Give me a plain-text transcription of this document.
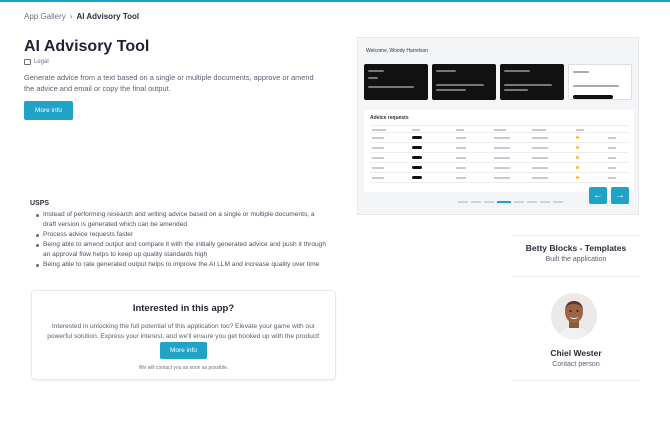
App Gallery › AI Advisory Tool
AI Advisory Tool
Legal
Generate advice from a text based on a single or multiple documents, approve or amend the advice and email or copy the final output.
More info
Welcome, Woody Harrelson
Advice requests
←	→
USPS
Instead of performing research and writing advice based on a single or multiple documents, a draft version is generated which can be amended
Process advice requests faster
Being able to amend output and compare it with the initially generated advice and push it through an approval flow helps to keep up quality standards high
Being able to rate generated output helps to improve the AI LLM and increase quality over time
Interested in this app?
Interested in unlocking the full potential of this application too? Elevate your game with our powerful solution. Express your interest, and we'll ensure you get hooked up with the product!
More info
We will contact you as soon as possible.
Betty Blocks - Templates
Built the application
Chiel Wester
Contact person
